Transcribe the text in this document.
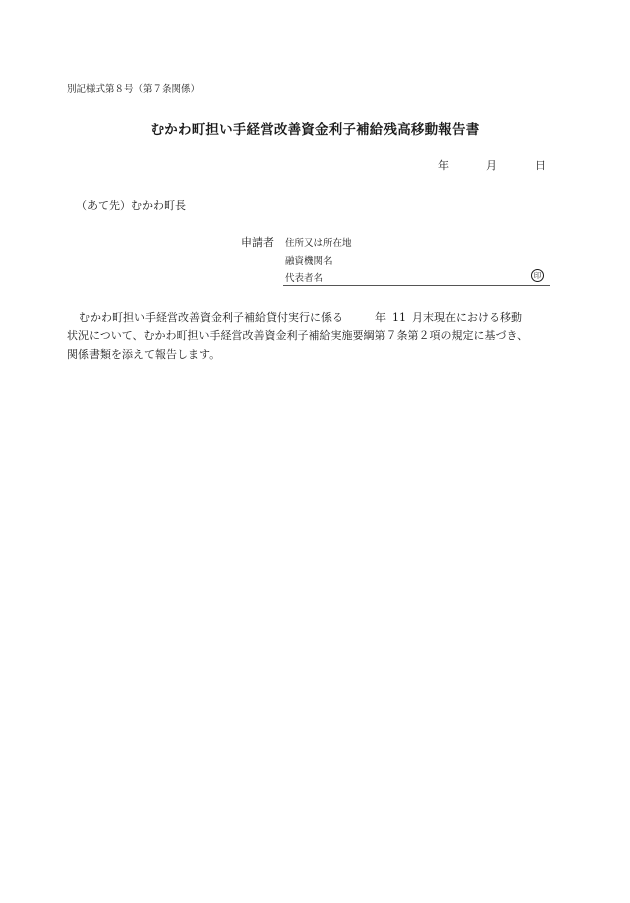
別記様式第８号（第７条関係）
むかわ町担い手経営改善資金利子補給残高移動報告書
年	月	日
（あて先）むかわ町長
申請者 住所又は所在地
融資機関名
代表者名	印
むかわ町担い手経営改善資金利子補給貸付実行に係る	年 11 月末現在における移動
状況について、むかわ町担い手経営改善資金利子補給実施要綱第７条第２項の規定に基づき、
関係書類を添えて報告します。
